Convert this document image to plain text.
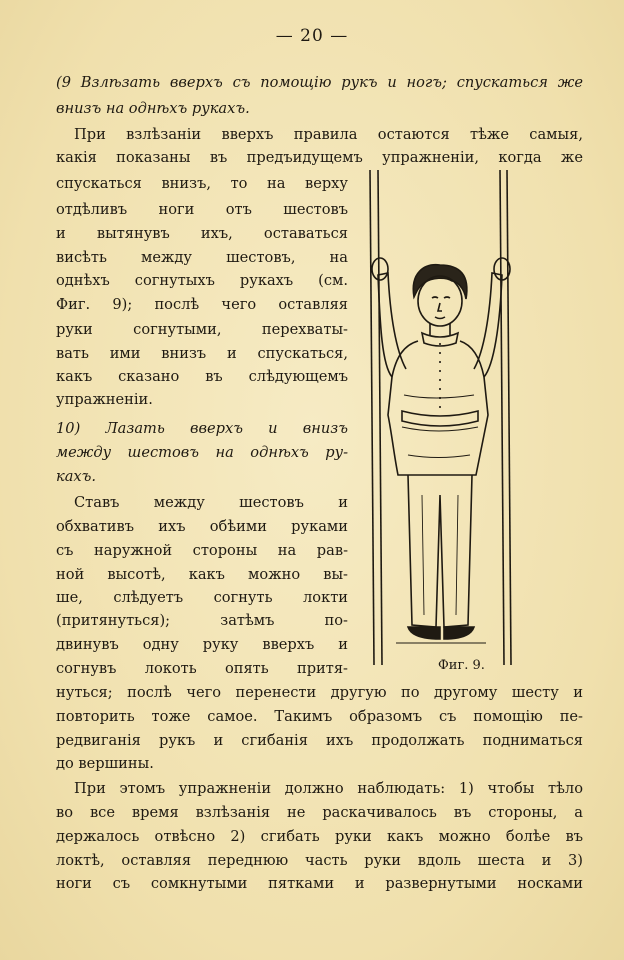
— 20 —
(9 Взлѣзать вверхъ съ помощію рукъ и ногъ; спускаться же
внизъ на однѣхъ рукахъ.
При взлѣзаніи вверхъ правила остаются тѣже самыя,
какія показаны въ предъидущемъ упражненіи, когда же
спускаться внизъ, то на верху
отдѣливъ ноги отъ шестовъ
и вытянувъ ихъ, оставаться
висѣть между шестовъ, на
однѣхъ согнутыхъ рукахъ (см.
Фиг. 9); послѣ чего оставляя
руки согнутыми, перехваты-
вать ими внизъ и спускаться,
какъ сказано въ слѣдующемъ
упражненіи.
10) Лазать вверхъ и внизъ
между шестовъ на однѣхъ ру-
кахъ.
Ставъ между шестовъ и
обхвативъ ихъ обѣими руками
съ наружной стороны на рав-
ной высотѣ, какъ можно вы-
ше, слѣдуетъ согнуть локти
(притянуться); затѣмъ по-
двинувъ одну руку вверхъ и
согнувъ локоть опять притя-
нуться; послѣ чего перенести другую по другому шесту и
повторить тоже самое. Такимъ образомъ съ помощію пе-
редвиганія рукъ и сгибанія ихъ продолжать подниматься
до вершины.
При этомъ упражненіи должно наблюдать: 1) чтобы тѣло
во все время взлѣзанія не раскачивалось въ стороны, а
держалось отвѣсно 2) сгибать руки какъ можно болѣе въ
локтѣ, оставляя переднюю часть руки вдоль шеста и 3)
ноги съ сомкнутыми пятками и развернутыми носками
Фиг. 9.
